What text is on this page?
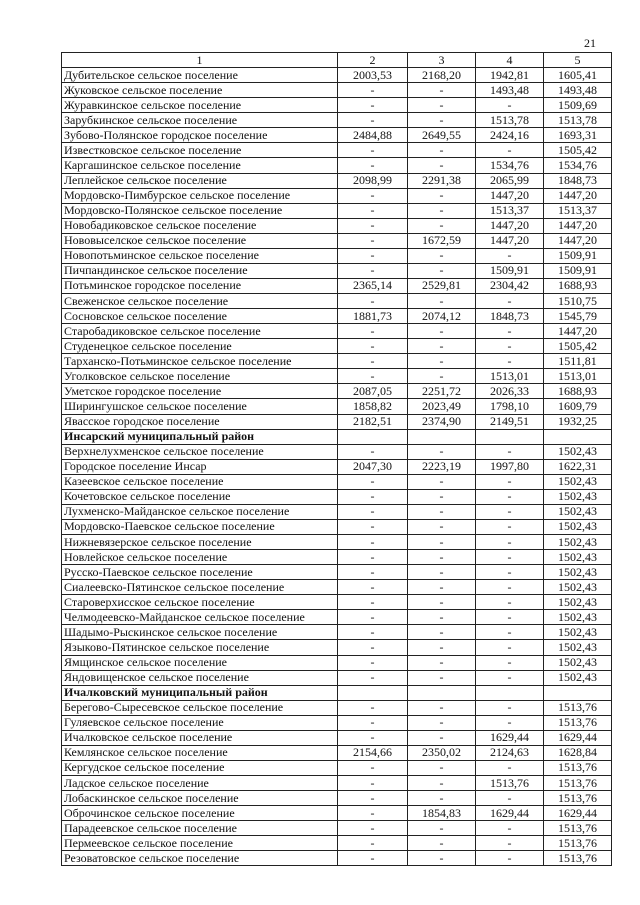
21
1	2	3	4	5
Дубительское сельское поселение	2003,53	2168,20	1942,81	1605,41
Жуковское сельское поселение	-	-	1493,48	1493,48
Журавкинское сельское поселение	-	-	-	1509,69
Зарубкинское сельское поселение	-	-	1513,78	1513,78
Зубово-Полянское городское поселение	2484,88	2649,55	2424,16	1693,31
Известковское сельское поселение	-	-	-	1505,42
Каргашинское сельское поселение	-	-	1534,76	1534,76
Леплейское сельское поселение	2098,99	2291,38	2065,99	1848,73
Мордовско-Пимбурское сельское поселение	-	-	1447,20	1447,20
Мордовско-Полянское сельское поселение	-	-	1513,37	1513,37
Новобадиковское сельское поселение	-	-	1447,20	1447,20
Нововыселское сельское поселение	-	1672,59	1447,20	1447,20
Новопотьминское сельское поселение	-	-	-	1509,91
Пичпандинское сельское поселение	-	-	1509,91	1509,91
Потьминское городское поселение	2365,14	2529,81	2304,42	1688,93
Свеженское сельское поселение	-	-	-	1510,75
Сосновское сельское поселение	1881,73	2074,12	1848,73	1545,79
Старобадиковское сельское поселение	-	-	-	1447,20
Студенецкое сельское поселение	-	-	-	1505,42
Тарханско-Потьминское сельское поселение	-	-	-	1511,81
Уголковское сельское поселение	-	-	1513,01	1513,01
Уметское городское поселение	2087,05	2251,72	2026,33	1688,93
Ширингушское сельское поселение	1858,82	2023,49	1798,10	1609,79
Явасское городское поселение	2182,51	2374,90	2149,51	1932,25
Инсарский муниципальный район				
Верхнелухменское сельское поселение	-	-	-	1502,43
Городское поселение Инсар	2047,30	2223,19	1997,80	1622,31
Казеевское сельское поселение	-	-	-	1502,43
Кочетовское сельское поселение	-	-	-	1502,43
Лухменско-Майданское сельское поселение	-	-	-	1502,43
Мордовско-Паевское сельское поселение	-	-	-	1502,43
Нижневязерское сельское поселение	-	-	-	1502,43
Новлейское сельское поселение	-	-	-	1502,43
Русско-Паевское сельское поселение	-	-	-	1502,43
Сиалеевско-Пятинское сельское поселение	-	-	-	1502,43
Староверхисское сельское поселение	-	-	-	1502,43
Челмодеевско-Майданское сельское поселение	-	-	-	1502,43
Шадымо-Рыскинское сельское поселение	-	-	-	1502,43
Языково-Пятинское сельское поселение	-	-	-	1502,43
Ямщинское сельское поселение	-	-	-	1502,43
Яндовищенское сельское поселение	-	-	-	1502,43
Ичалковский муниципальный район				
Берегово-Сыресевское сельское поселение	-	-	-	1513,76
Гуляевское сельское поселение	-	-	-	1513,76
Ичалковское сельское поселение	-	-	1629,44	1629,44
Кемлянское сельское поселение	2154,66	2350,02	2124,63	1628,84
Кергудское сельское поселение	-	-	-	1513,76
Ладское сельское поселение	-	-	1513,76	1513,76
Лобаскинское сельское поселение	-	-	-	1513,76
Оброчинское сельское поселение	-	1854,83	1629,44	1629,44
Парадеевское сельское поселение	-	-	-	1513,76
Пермеевское сельское поселение	-	-	-	1513,76
Резоватовское сельское поселение	-	-	-	1513,76
